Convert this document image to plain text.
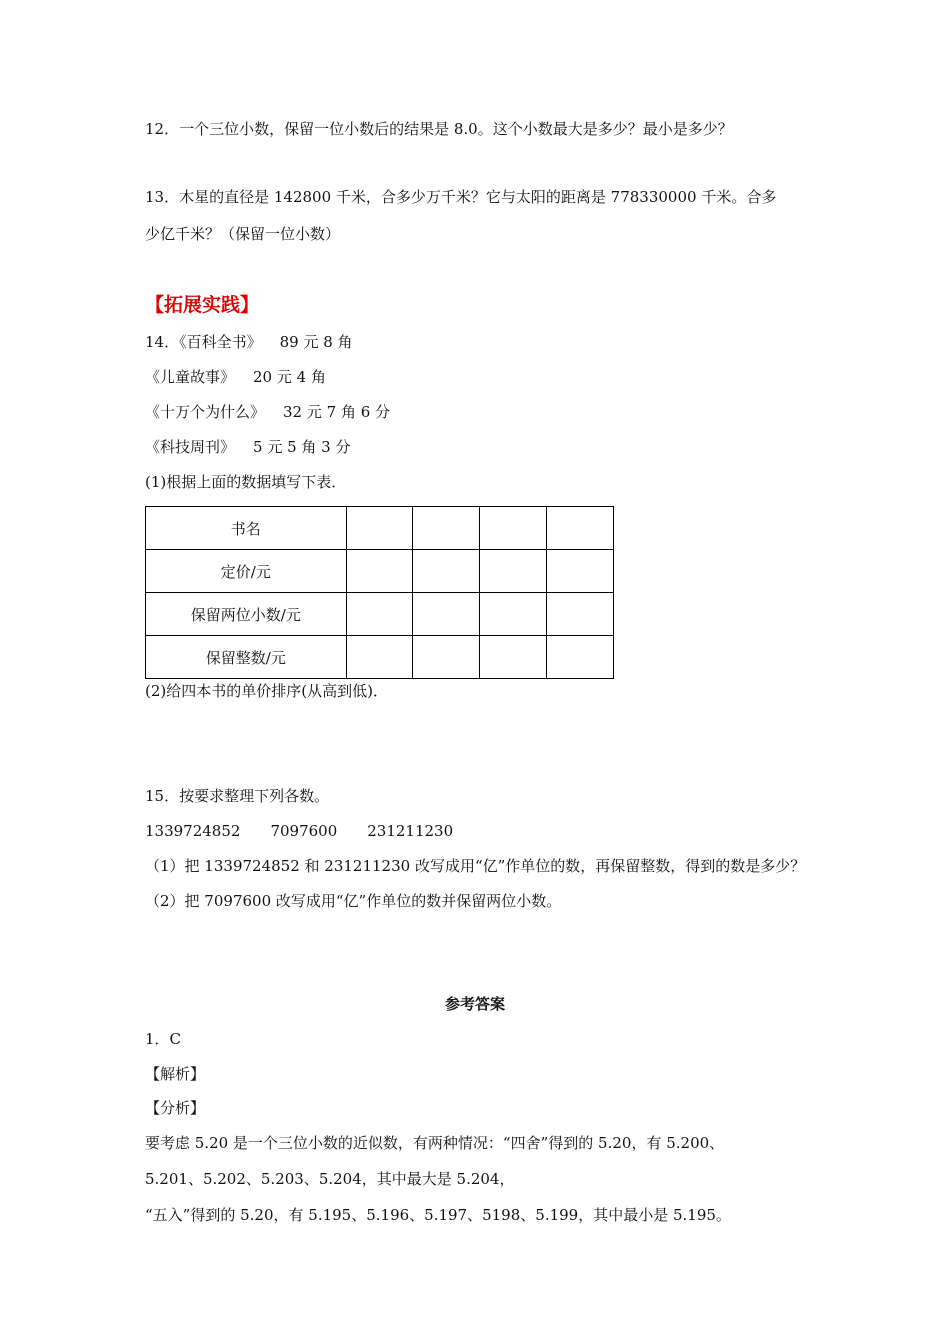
12．一个三位小数，保留一位小数后的结果是 8.0。这个小数最大是多少？最小是多少？
13．木星的直径是 142800 千米，合多少万千米？它与太阳的距离是 778330000 千米。合多
少亿千米？（保留一位小数）
【拓展实践】
14．《百科全书》 89 元 8 角
《儿童故事》 20 元 4 角
《十万个为什么》 32 元 7 角 6 分
《科技周刊》 5 元 5 角 3 分
(1)根据上面的数据填写下表．
书名				
定价/元				
保留两位小数/元				
保留整数/元				
(2)给四本书的单价排序(从高到低)．
15．按要求整理下列各数。
1339724852 7097600 231211230
（1）把 1339724852 和 231211230 改写成用“亿”作单位的数，再保留整数，得到的数是多少？
（2）把 7097600 改写成用“亿”作单位的数并保留两位小数。
参考答案
1．C
【解析】
【分析】
要考虑 5.20 是一个三位小数的近似数，有两种情况：“四舍”得到的 5.20，有 5.200、
5.201、5.202、5.203、5.204，其中最大是 5.204，
“五入”得到的 5.20，有 5.195、5.196、5.197、5198、5.199，其中最小是 5.195。
